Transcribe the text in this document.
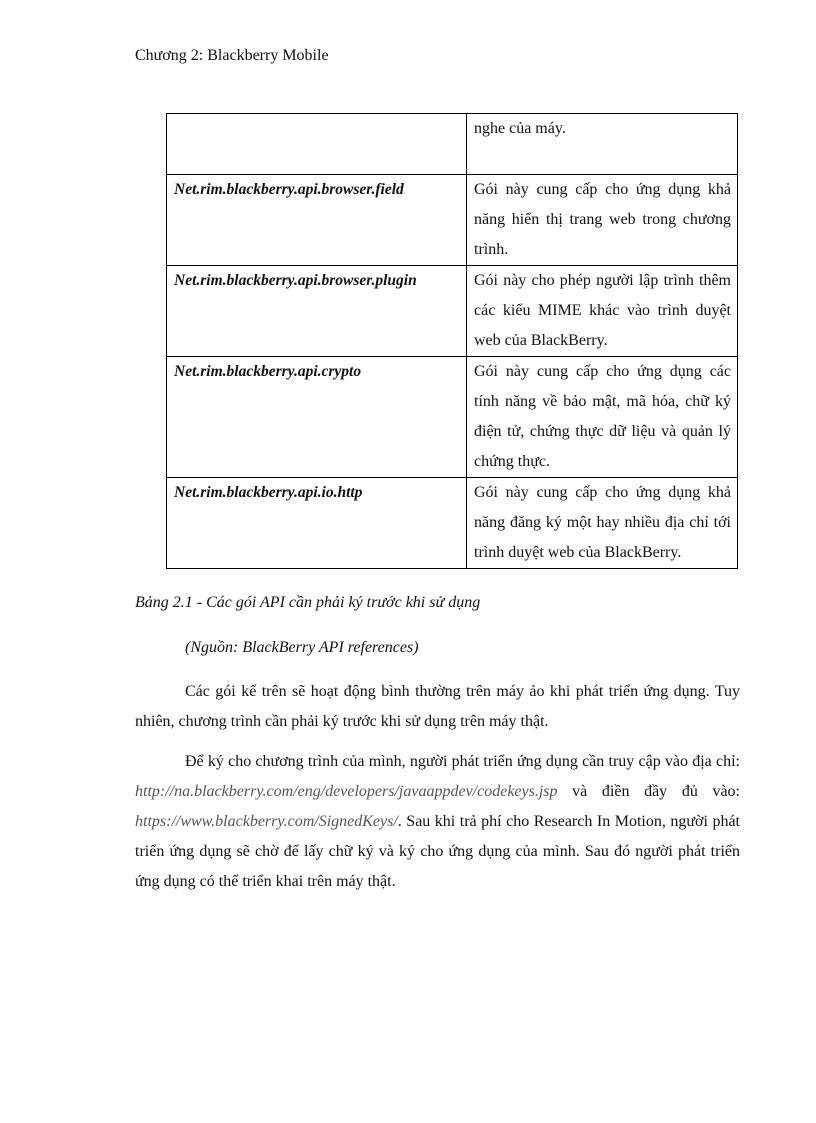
Chương 2: Blackberry Mobile
	nghe của máy.
Net.rim.blackberry.api.browser.field	Gói này cung cấp cho ứng dụng khả năng hiển thị trang web trong chương trình.
Net.rim.blackberry.api.browser.plugin	Gói này cho phép người lập trình thêm các kiểu MIME khác vào trình duyệt web của BlackBerry.
Net.rim.blackberry.api.crypto	Gói này cung cấp cho ứng dụng các tính năng về bảo mật, mã hóa, chữ ký điện tử, chứng thực dữ liệu và quản lý chứng thực.
Net.rim.blackberry.api.io.http	Gói này cung cấp cho ứng dụng khả năng đăng ký một hay nhiều địa chỉ tới trình duyệt web của BlackBerry.
Bảng 2.1 - Các gói API cần phải ký trước khi sử dụng
(Nguồn: BlackBerry API references)

Các gói kể trên sẽ hoạt động bình thường trên máy ảo khi phát triển ứng dụng. Tuy nhiên, chương trình cần phải ký trước khi sử dụng trên máy thật.

Để ký cho chương trình của mình, người phát triển ứng dụng cần truy cập vào địa chỉ: http://na.blackberry.com/eng/developers/javaappdev/codekeys.jsp và điền đầy đủ vào: https://www.blackberry.com/SignedKeys/. Sau khi trả phí cho Research In Motion, người phát triển ứng dụng sẽ chờ để lấy chữ ký và ký cho ứng dụng của mình. Sau đó người phát triển ứng dụng có thể triển khai trên máy thật.
